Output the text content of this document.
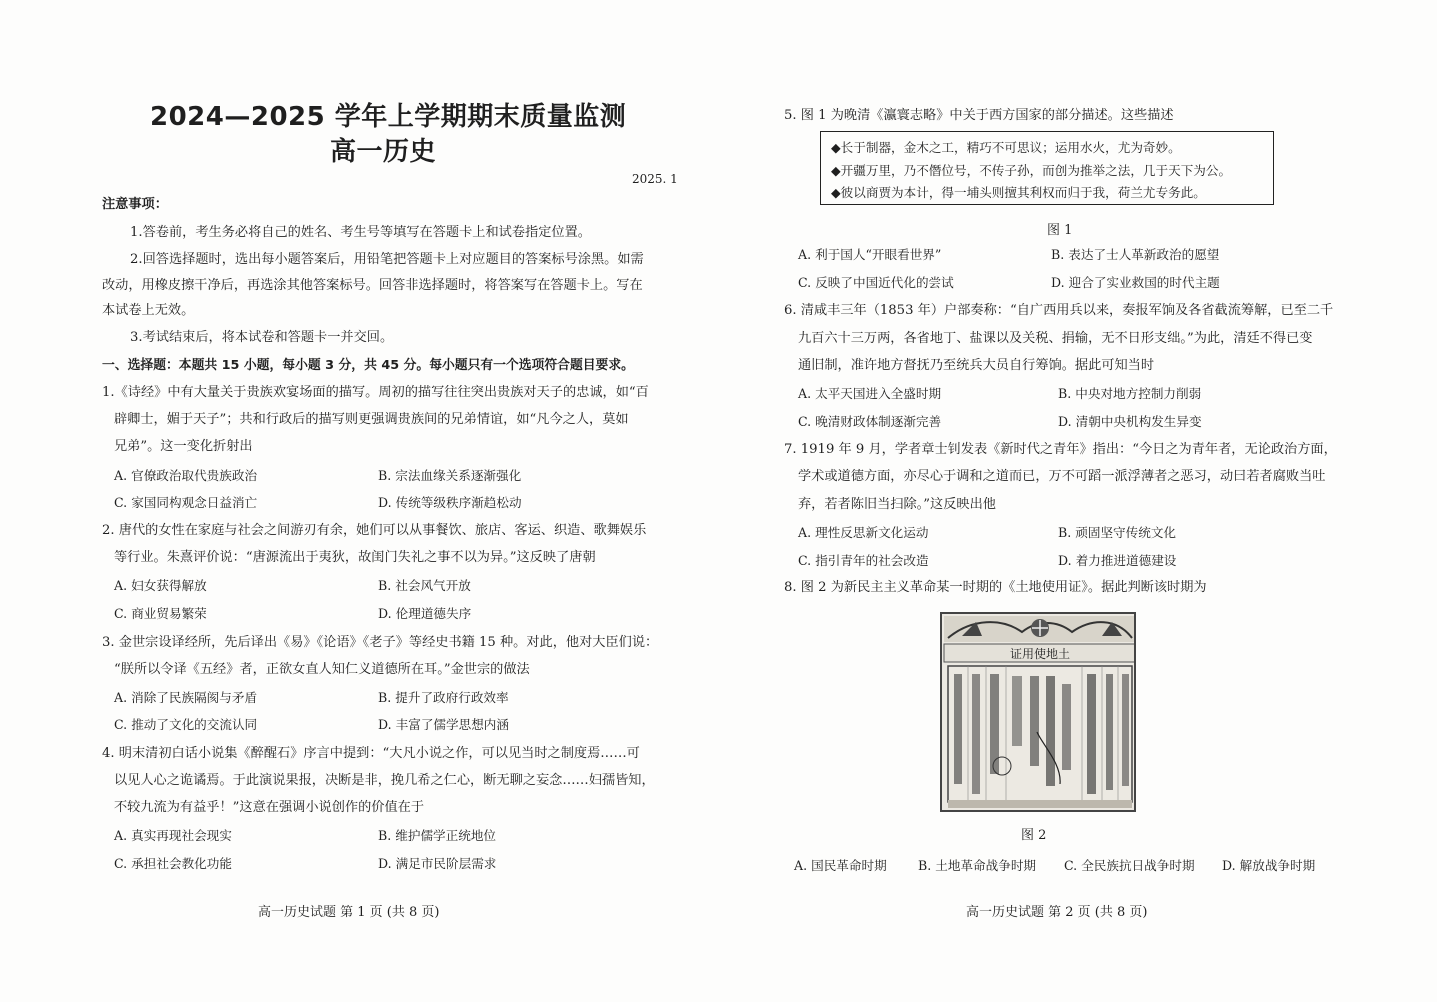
2024—2025 学年上学期期末质量监测
高一历史
2025. 1
注意事项：
1.答卷前，考生务必将自己的姓名、考生号等填写在答题卡上和试卷指定位置。
2.回答选择题时，选出每小题答案后，用铅笔把答题卡上对应题目的答案标号涂黑。如需
改动，用橡皮擦干净后，再选涂其他答案标号。回答非选择题时，将答案写在答题卡上。写在
本试卷上无效。
3.考试结束后，将本试卷和答题卡一并交回。
一、选择题：本题共 15 小题，每小题 3 分，共 45 分。每小题只有一个选项符合题目要求。
1.《诗经》中有大量关于贵族欢宴场面的描写。周初的描写往往突出贵族对天子的忠诚，如“百
辟卿士，媚于天子”；共和行政后的描写则更强调贵族间的兄弟情谊，如“凡今之人，莫如
兄弟”。这一变化折射出
A. 官僚政治取代贵族政治	B. 宗法血缘关系逐渐强化
C. 家国同构观念日益消亡	D. 传统等级秩序渐趋松动
2. 唐代的女性在家庭与社会之间游刃有余，她们可以从事餐饮、旅店、客运、织造、歌舞娱乐
等行业。朱熹评价说：“唐源流出于夷狄，故闺门失礼之事不以为异。”这反映了唐朝
A. 妇女获得解放	B. 社会风气开放
C. 商业贸易繁荣	D. 伦理道德失序
3. 金世宗设译经所，先后译出《易》《论语》《老子》等经史书籍 15 种。对此，他对大臣们说：
“朕所以令译《五经》者，正欲女直人知仁义道德所在耳。”金世宗的做法
A. 消除了民族隔阂与矛盾	B. 提升了政府行政效率
C. 推动了文化的交流认同	D. 丰富了儒学思想内涵
4. 明末清初白话小说集《醉醒石》序言中提到：“大凡小说之作，可以见当时之制度焉……可
以见人心之诡谲焉。于此演说果报，决断是非，挽几希之仁心，断无聊之妄念……妇孺皆知，
不较九流为有益乎！”这意在强调小说创作的价值在于
A. 真实再现社会现实	B. 维护儒学正统地位
C. 承担社会教化功能	D. 满足市民阶层需求
高一历史试题 第 1 页 (共 8 页)
5. 图 1 为晚清《瀛寰志略》中关于西方国家的部分描述。这些描述
◆长于制器，金木之工，精巧不可思议；运用水火，尤为奇妙。
◆开疆万里，乃不僭位号，不传子孙，而创为推举之法，几于天下为公。
◆彼以商贾为本计，得一埔头则擅其利权而归于我，荷兰尤专务此。
图 1
A. 利于国人“开眼看世界”	B. 表达了士人革新政治的愿望
C. 反映了中国近代化的尝试	D. 迎合了实业救国的时代主题
6. 清咸丰三年（1853 年）户部奏称：“自广西用兵以来，奏报军饷及各省截流筹解，已至二千
九百六十三万两，各省地丁、盐课以及关税、捐输，无不日形支绌。”为此，清廷不得已变
通旧制，准许地方督抚乃至统兵大员自行筹饷。据此可知当时
A. 太平天国进入全盛时期	B. 中央对地方控制力削弱
C. 晚清财政体制逐渐完善	D. 清朝中央机构发生异变
7. 1919 年 9 月，学者章士钊发表《新时代之青年》指出：“今日之为青年者，无论政治方面，
学术或道德方面，亦尽心于调和之道而已，万不可蹈一派浮薄者之恶习，动曰若者腐败当吐
弃，若者陈旧当扫除。”这反映出他
A. 理性反思新文化运动	B. 顽固坚守传统文化
C. 指引青年的社会改造	D. 着力推进道德建设
8. 图 2 为新民主主义革命某一时期的《土地使用证》。据此判断该时期为
证用使地土
图 2
A. 国民革命时期 B. 土地革命战争时期 C. 全民族抗日战争时期 D. 解放战争时期
高一历史试题 第 2 页 (共 8 页)
